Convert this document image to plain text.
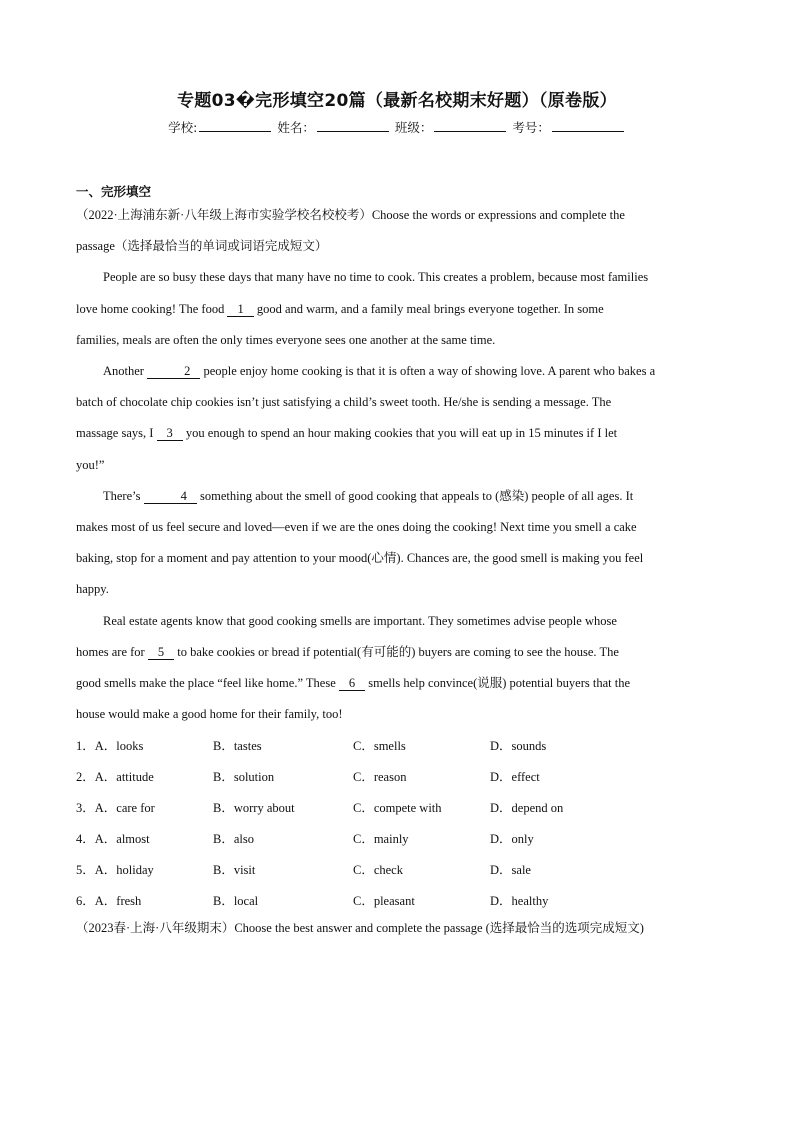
专题03�完形填空20篇（最新名校期末好题）（原卷版）
学校:	姓名：	班级：	考号：
一、完形填空

（2022·上海浦东新·八年级上海市实验学校名校校考）Choose the words or expressions and complete the

passage（选择最恰当的单词或词语完成短文）

People are so busy these days that many have no time to cook. This creates a problem, because most families

love home cooking! The food 1 good and warm, and a family meal brings everyone together. In some

families, meals are often the only times everyone sees one another at the same time.

Another	2 people enjoy home cooking is that it is often a way of showing love. A parent who bakes a

batch of chocolate chip cookies isn’t just satisfying a child’s sweet tooth. He/she is sending a message. The

massage says, I 3 you enough to spend an hour making cookies that you will eat up in 15 minutes if I let

you!”

There’s	4 something about the smell of good cooking that appeals to (感染) people of all ages. It

makes most of us feel secure and loved—even if we are the ones doing the cooking! Next time you smell a cake

baking, stop for a moment and pay attention to your mood(心情). Chances are, the good smell is making you feel

happy.

Real estate agents know that good cooking smells are important. They sometimes advise people whose

homes are for 5 to bake cookies or bread if potential(有可能的) buyers are coming to see the house. The

good smells make the place “feel like home.” These 6 smells help convince(说服) potential buyers that the

house would make a good home for their family, too!

1．A．looks	B．tastes	C．smells	D．sounds
2．A．attitude	B．solution	C．reason	D．effect
3．A．care for	B．worry about	C．compete with	D．depend on
4．A．almost	B．also	C．mainly	D．only
5．A．holiday	B．visit	C．check	D．sale
6．A．fresh	B．local	C．pleasant	D．healthy
（2023春·上海·八年级期末）Choose the best answer and complete the passage (选择最恰当的选项完成短文)
